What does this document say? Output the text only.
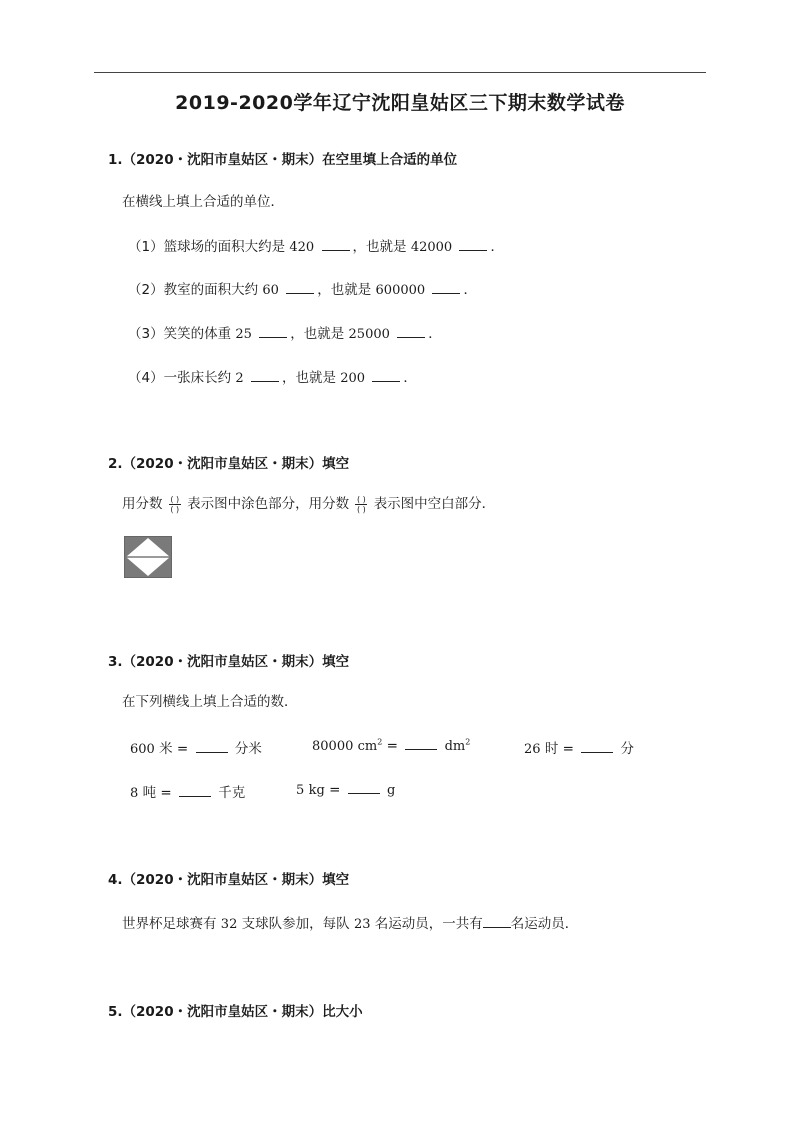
2019-2020学年辽宁沈阳皇姑区三下期末数学试卷
1.（2020・沈阳市皇姑区・期末）在空里填上合适的单位
在横线上填上合适的单位．
（1）篮球场的面积大约是 420	，也就是 42000	．
（2）教室的面积大约 60	，也就是 600000	．
（3）笑笑的体重 25	，也就是 25000	．
（4）一张床长约 2	，也就是 200	．
2.（2020・沈阳市皇姑区・期末）填空
用分数 $\frac{( )}{( )}$ 表示图中涂色部分，用分数 $\frac{( )}{( )}$ 表示图中空白部分．
3.（2020・沈阳市皇姑区・期末）填空
在下列横线上填上合适的数．
600 米 =	分米	80000 $cm^2$ =	$dm^2$	26 时 =	分
8 吨 =	千克	5 kg =	g
4.（2020・沈阳市皇姑区・期末）填空
世界杯足球赛有 32 支球队参加，每队 23 名运动员，一共有 名运动员．
5.（2020・沈阳市皇姑区・期末）比大小
